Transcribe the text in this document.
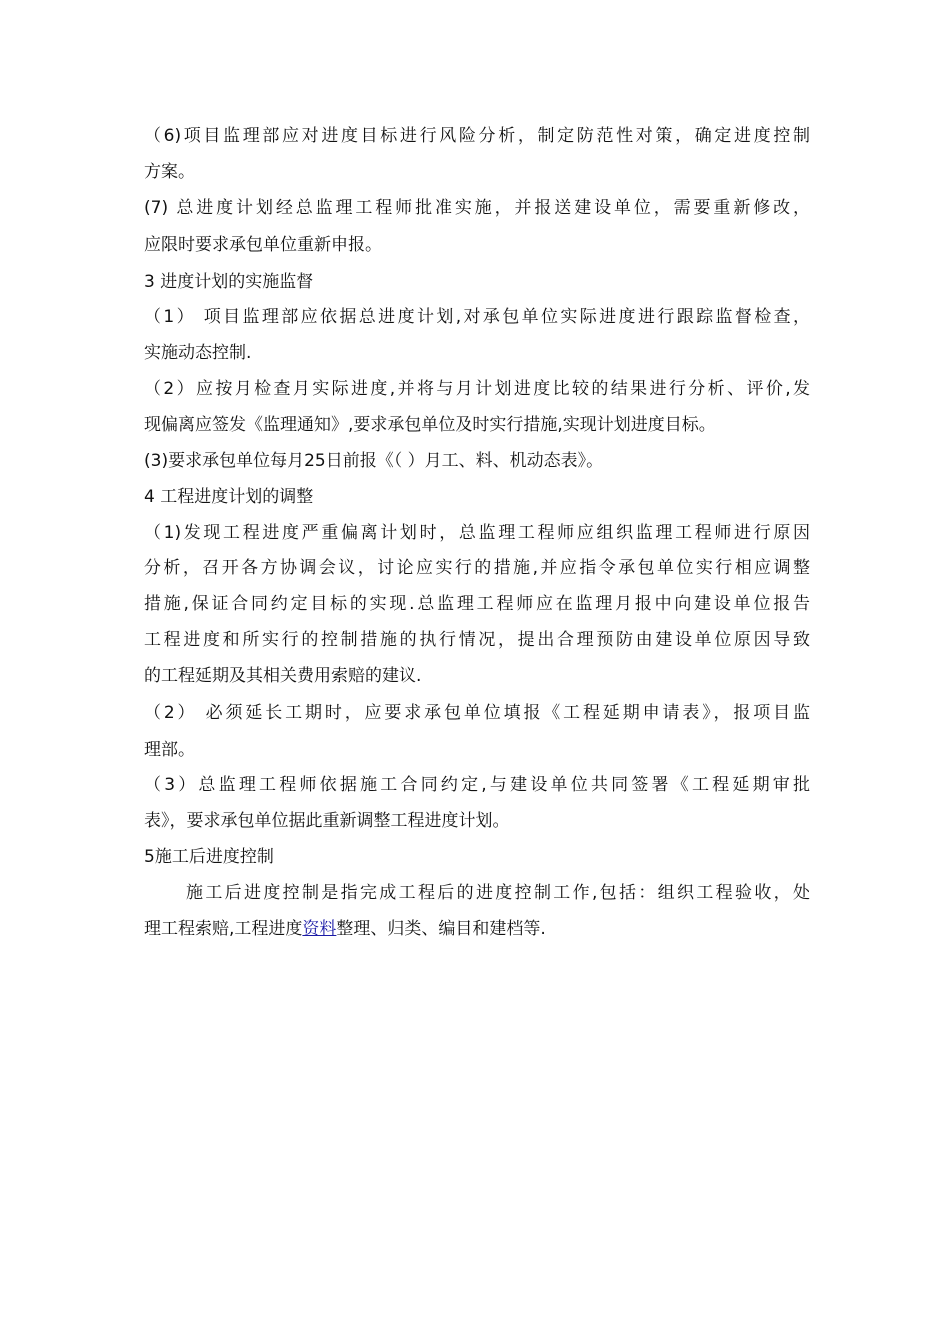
（6)项目监理部应对进度目标进行风险分析，制定防范性对策，确定进度控制
方案。
(7) 总进度计划经总监理工程师批准实施，并报送建设单位，需要重新修改，
应限时要求承包单位重新申报。
3 进度计划的实施监督
（1） 项目监理部应依据总进度计划,对承包单位实际进度进行跟踪监督检查，
实施动态控制.
（2）应按月检查月实际进度,并将与月计划进度比较的结果进行分析、评价,发
现偏离应签发《监理通知》,要求承包单位及时实行措施,实现计划进度目标。
(3)要求承包单位每月25日前报《（ ）月工、料、机动态表》。
4 工程进度计划的调整
（1)发现工程进度严重偏离计划时，总监理工程师应组织监理工程师进行原因
分析，召开各方协调会议，讨论应实行的措施,并应指令承包单位实行相应调整
措施,保证合同约定目标的实现.总监理工程师应在监理月报中向建设单位报告
工程进度和所实行的控制措施的执行情况，提出合理预防由建设单位原因导致
的工程延期及其相关费用索赔的建议.
（2） 必须延长工期时，应要求承包单位填报《工程延期申请表》，报项目监
理部。
（3）总监理工程师依据施工合同约定,与建设单位共同签署《工程延期审批
表》，要求承包单位据此重新调整工程进度计划。
5施工后进度控制
施工后进度控制是指完成工程后的进度控制工作,包括：组织工程验收，处
理工程索赔,工程进度资料整理、归类、编目和建档等.
